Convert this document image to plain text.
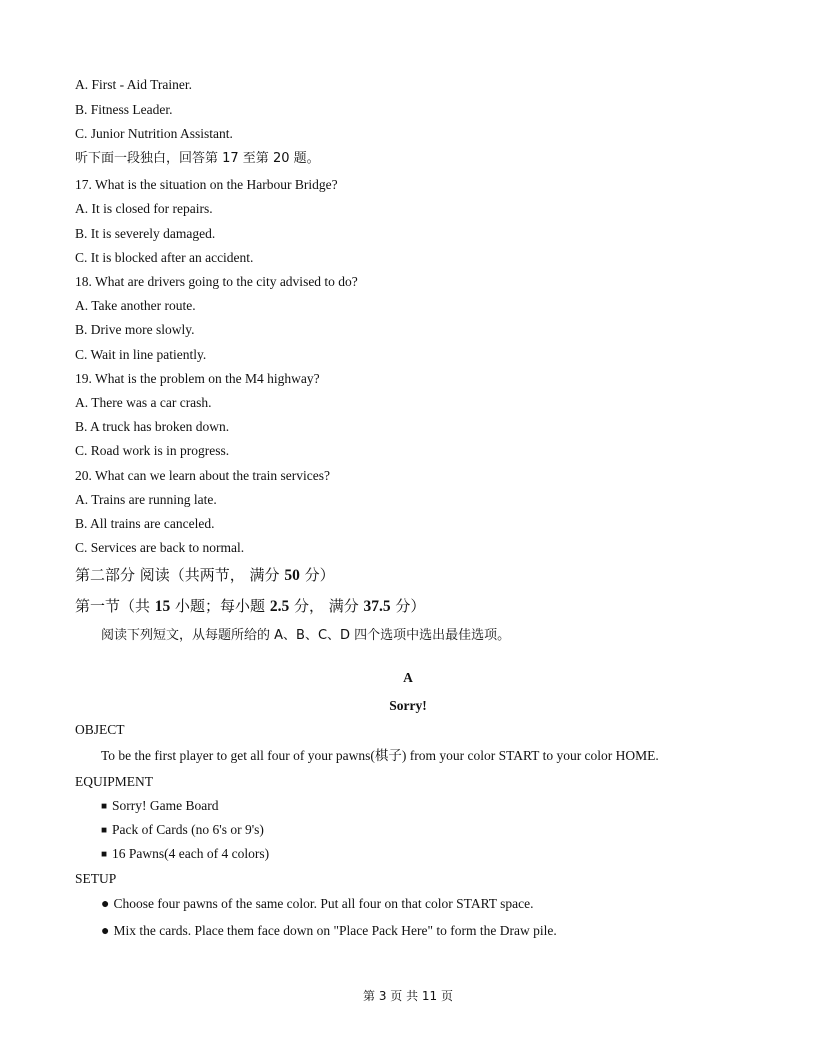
A. First - Aid Trainer.
B. Fitness Leader.
C. Junior Nutrition Assistant.
听下面一段独白，回答第 17 至第 20 题。
17. What is the situation on the Harbour Bridge?
A. It is closed for repairs.
B. It is severely damaged.
C. It is blocked after an accident.
18. What are drivers going to the city advised to do?
A. Take another route.
B. Drive more slowly.
C. Wait in line patiently.
19. What is the problem on the M4 highway?
A. There was a car crash.
B. A truck has broken down.
C. Road work is in progress.
20. What can we learn about the train services?
A. Trains are running late.
B. All trains are canceled.
C. Services are back to normal.
第二部分 阅读（共两节， 满分 50 分）
第一节（共 15 小题；每小题 2.5 分， 满分 37.5 分）
阅读下列短文，从每题所给的 A、B、C、D 四个选项中选出最佳选项。
A
Sorry!
OBJECT
To be the first player to get all four of your pawns(棋子) from your color START to your color HOME.
EQUIPMENT
■ Sorry! Game Board
■ Pack of Cards (no 6's or 9's)
■ 16 Pawns(4 each of 4 colors)
SETUP
● Choose four pawns of the same color. Put all four on that color START space.
● Mix the cards. Place them face down on "Place Pack Here" to form the Draw pile.
第 3 页 共 11 页
